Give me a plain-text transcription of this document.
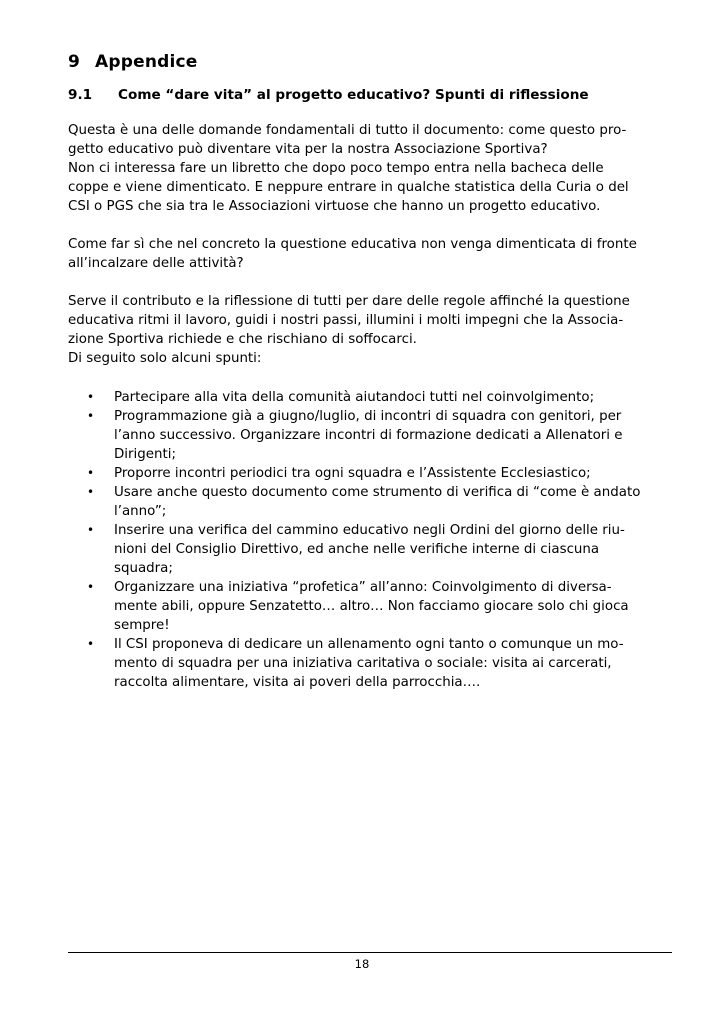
9 Appendice
9.1 Come “dare vita” al progetto educativo? Spunti di riflessione

Questa è una delle domande fondamentali di tutto il documento: come questo pro-
getto educativo può diventare vita per la nostra Associazione Sportiva?
Non ci interessa fare un libretto che dopo poco tempo entra nella bacheca delle
coppe e viene dimenticato. E neppure entrare in qualche statistica della Curia o del
CSI o PGS che sia tra le Associazioni virtuose che hanno un progetto educativo.

Come far sì che nel concreto la questione educativa non venga dimenticata di fronte
all’incalzare delle attività?

Serve il contributo e la riflessione di tutti per dare delle regole affinché la questione
educativa ritmi il lavoro, guidi i nostri passi, illumini i molti impegni che la Associa-
zione Sportiva richiede e che rischiano di soffocarci.
Di seguito solo alcuni spunti:

• Partecipare alla vita della comunità aiutandoci tutti nel coinvolgimento;
• Programmazione già a giugno/luglio, di incontri di squadra con genitori, per
l’anno successivo. Organizzare incontri di formazione dedicati a Allenatori e
Dirigenti;
• Proporre incontri periodici tra ogni squadra e l’Assistente Ecclesiastico;
• Usare anche questo documento come strumento di verifica di “come è andato
l’anno”;
• Inserire una verifica del cammino educativo negli Ordini del giorno delle riu-
nioni del Consiglio Direttivo, ed anche nelle verifiche interne di ciascuna
squadra;
• Organizzare una iniziativa “profetica” all’anno: Coinvolgimento di diversa-
mente abili, oppure Senzatetto… altro… Non facciamo giocare solo chi gioca
sempre!
• Il CSI proponeva di dedicare un allenamento ogni tanto o comunque un mo-
mento di squadra per una iniziativa caritativa o sociale: visita ai carcerati,
raccolta alimentare, visita ai poveri della parrocchia….
18
